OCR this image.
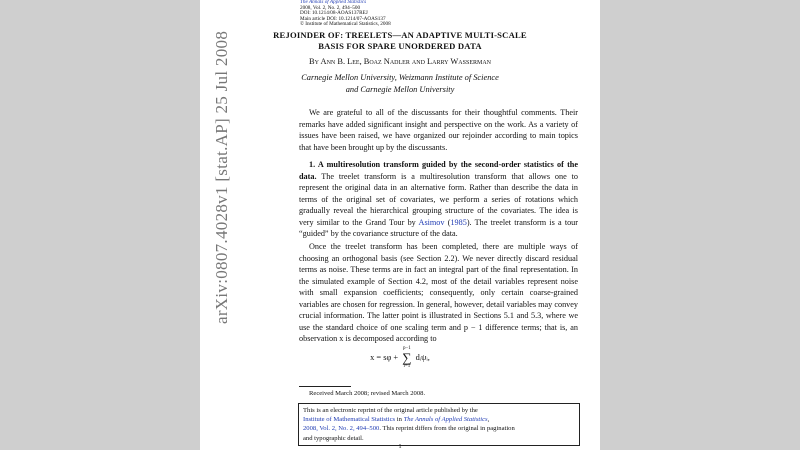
The Annals of Applied Statistics
2008, Vol. 2, No. 2, 494–500
DOI: 10.1214/08-AOAS137REJ
Main article DOI: 10.1214/07-AOAS137
© Institute of Mathematical Statistics, 2008
REJOINDER OF: TREELETS—AN ADAPTIVE MULTI-SCALE
BASIS FOR SPARE UNORDERED DATA
By Ann B. Lee, Boaz Nadler and Larry Wasserman
Carnegie Mellon University, Weizmann Institute of Science
and Carnegie Mellon University
We are grateful to all of the discussants for their thoughtful comments. Their remarks have added significant insight and perspective on the work. As a variety of issues have been raised, we have organized our rejoinder according to main topics that have been brought up by the discussants.
1. A multiresolution transform guided by the second-order statistics of the data. The treelet transform is a multiresolution transform that allows one to represent the original data in an alternative form. Rather than describe the data in terms of the original set of covariates, we perform a series of rotations which gradually reveal the hierarchical grouping structure of the covariates. The idea is very similar to the Grand Tour by Asimov (1985). The treelet transform is a tour “guided” by the covariance structure of the data.
Once the treelet transform has been completed, there are multiple ways of choosing an orthogonal basis (see Section 2.2). We never directly discard residual terms as noise. These terms are in fact an integral part of the final representation. In the simulated example of Section 4.2, most of the detail variables represent noise with small expansion coefficients; consequently, only certain coarse-grained variables are chosen for regression. In general, however, detail variables may convey crucial information. The latter point is illustrated in Sections 5.1 and 5.3, where we use the standard choice of one scaling term and p − 1 difference terms; that is, an observation x is decomposed according to
x = sφ +
p−1
∑
i=1
dᵢψᵢ,
Received March 2008; revised March 2008.
This is an electronic reprint of the original article published by the
Institute of Mathematical Statistics in The Annals of Applied Statistics,
2008, Vol. 2, No. 2, 494–500. This reprint differs from the original in pagination
and typographic detail.
1
arXiv:0807.4028v1 [stat.AP] 25 Jul 2008
